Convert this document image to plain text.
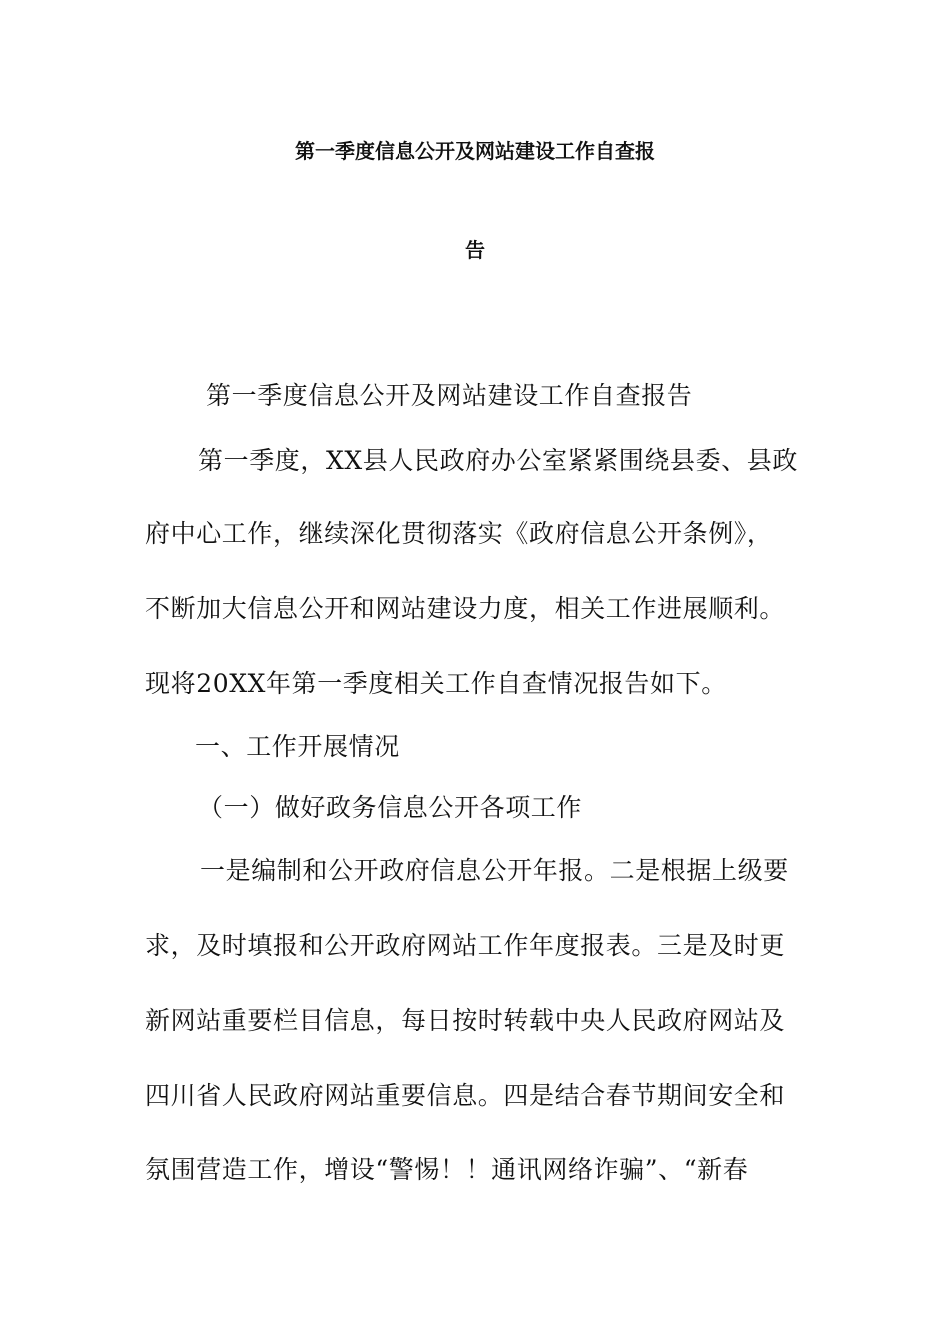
第一季度信息公开及网站建设工作自查报
告
第一季度信息公开及网站建设工作自查报告
第一季度，XX县人民政府办公室紧紧围绕县委、县政
府中心工作，继续深化贯彻落实《政府信息公开条例》，
不断加大信息公开和网站建设力度，相关工作进展顺利。
现将20XX年第一季度相关工作自查情况报告如下。
一、工作开展情况
（一）做好政务信息公开各项工作
一是编制和公开政府信息公开年报。二是根据上级要
求，及时填报和公开政府网站工作年度报表。三是及时更
新网站重要栏目信息，每日按时转载中央人民政府网站及
四川省人民政府网站重要信息。四是结合春节期间安全和
氛围营造工作，增设“警惕！！通讯网络诈骗”、“新春
